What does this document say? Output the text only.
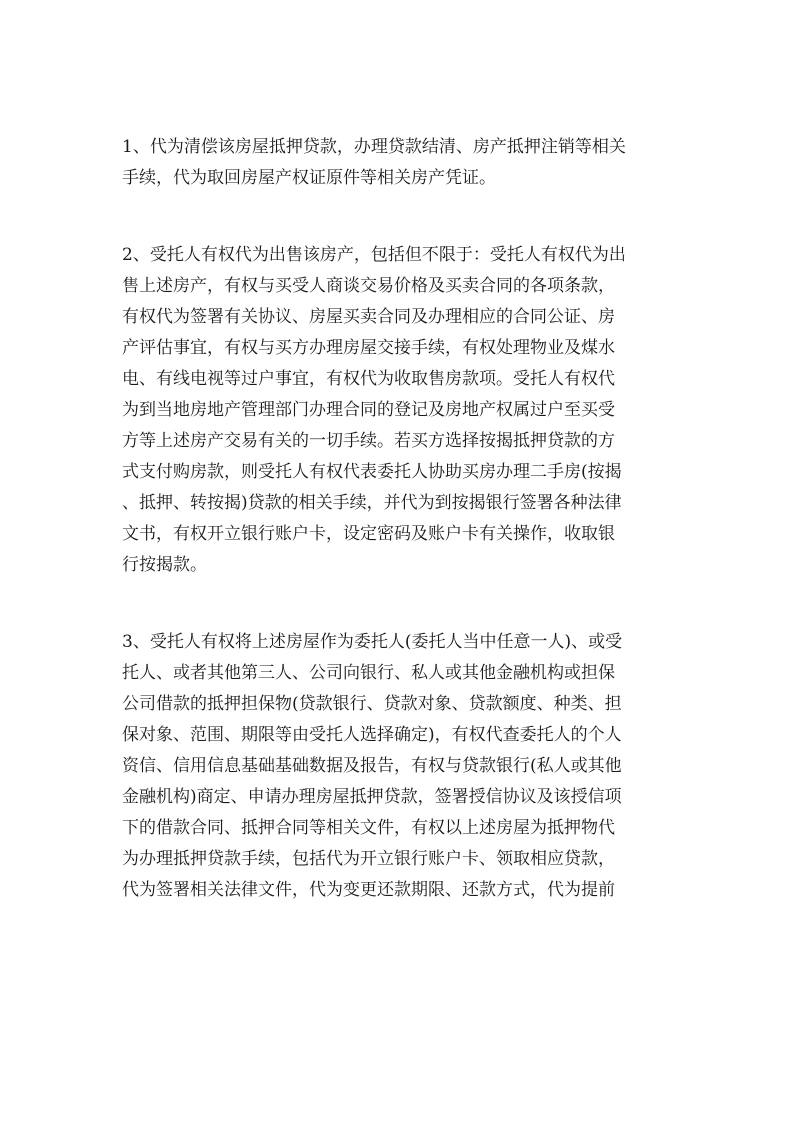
1、代为清偿该房屋抵押贷款，办理贷款结清、房产抵押注销等相关
手续，代为取回房屋产权证原件等相关房产凭证。

2、受托人有权代为出售该房产，包括但不限于：受托人有权代为出
售上述房产，有权与买受人商谈交易价格及买卖合同的各项条款，
有权代为签署有关协议、房屋买卖合同及办理相应的合同公证、房
产评估事宜，有权与买方办理房屋交接手续，有权处理物业及煤水
电、有线电视等过户事宜，有权代为收取售房款项。受托人有权代
为到当地房地产管理部门办理合同的登记及房地产权属过户至买受
方等上述房产交易有关的一切手续。若买方选择按揭抵押贷款的方
式支付购房款，则受托人有权代表委托人协助买房办理二手房(按揭
、抵押、转按揭)贷款的相关手续，并代为到按揭银行签署各种法律
文书，有权开立银行账户卡，设定密码及账户卡有关操作，收取银
行按揭款。

3、受托人有权将上述房屋作为委托人(委托人当中任意一人)、或受
托人、或者其他第三人、公司向银行、私人或其他金融机构或担保
公司借款的抵押担保物(贷款银行、贷款对象、贷款额度、种类、担
保对象、范围、期限等由受托人选择确定)，有权代查委托人的个人
资信、信用信息基础基础数据及报告，有权与贷款银行(私人或其他
金融机构)商定、申请办理房屋抵押贷款，签署授信协议及该授信项
下的借款合同、抵押合同等相关文件，有权以上述房屋为抵押物代
为办理抵押贷款手续，包括代为开立银行账户卡、领取相应贷款，
代为签署相关法律文件，代为变更还款期限、还款方式，代为提前
